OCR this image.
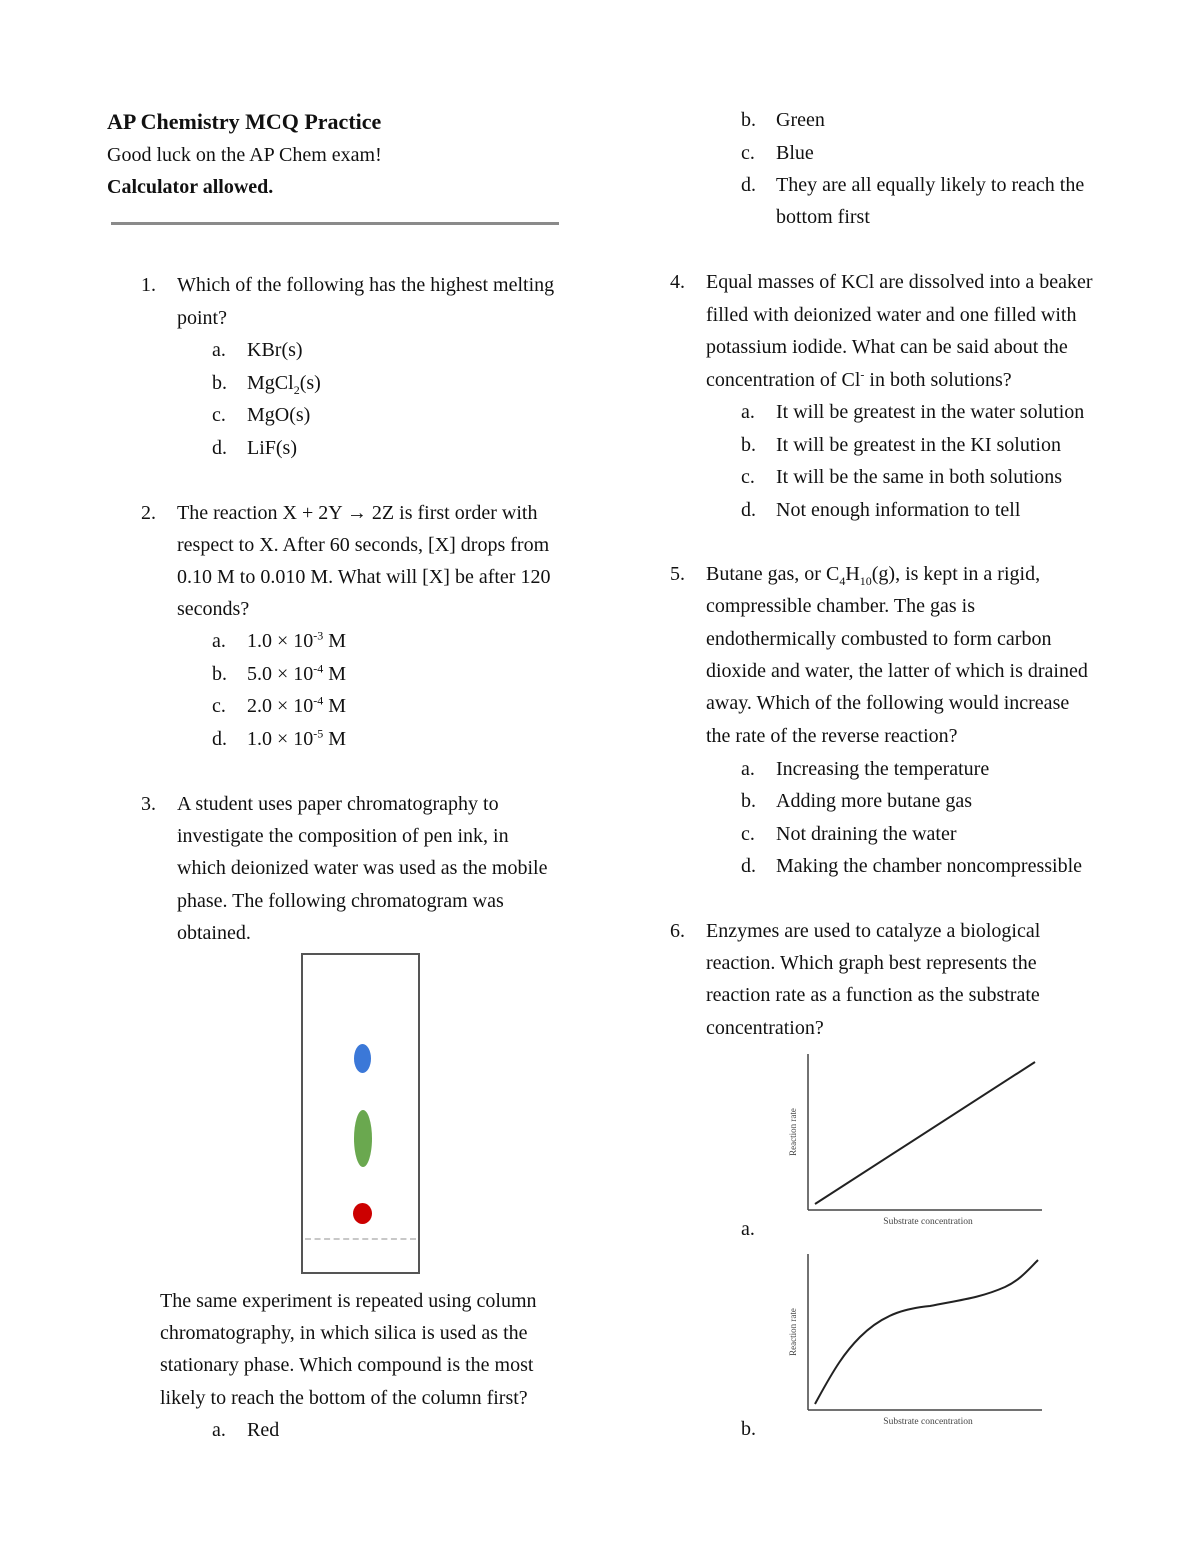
AP Chemistry MCQ Practice
Good luck on the AP Chem exam!
Calculator allowed.
1. Which of the following has the highest melting
point?
a. KBr(s)
b. MgCl$_2$(s)
c. MgO(s)
d. LiF(s)
2. The reaction X + 2Y → 2Z is first order with
respect to X. After 60 seconds, [X] drops from
0.10 M to 0.010 M. What will [X] be after 120
seconds?
a. $1.0 \times 10^{-3}$ M
b. $5.0 \times 10^{-4}$ M
c. $2.0 \times 10^{-4}$ M
d. $1.0 \times 10^{-5}$ M
3. A student uses paper chromatography to
investigate the composition of pen ink, in
which deionized water was used as the mobile
phase. The following chromatogram was
obtained.
The same experiment is repeated using column
chromatography, in which silica is used as the
stationary phase. Which compound is the most
likely to reach the bottom of the column first?
a. Red
b. Green
c. Blue
d. They are all equally likely to reach the
bottom first
4. Equal masses of KCl are dissolved into a beaker
filled with deionized water and one filled with
potassium iodide. What can be said about the
concentration of Cl- in both solutions?
a. It will be greatest in the water solution
b. It will be greatest in the KI solution
c. It will be the same in both solutions
d. Not enough information to tell
5. Butane gas, or $C_4H_{10}(g)$, is kept in a rigid,
compressible chamber. The gas is
endothermically combusted to form carbon
dioxide and water, the latter of which is drained
away. Which of the following would increase
the rate of the reverse reaction?
a. Increasing the temperature
b. Adding more butane gas
c. Not draining the water
d. Making the chamber noncompressible
6. Enzymes are used to catalyze a biological
reaction. Which graph best represents the
reaction rate as a function as the substrate
concentration?
a.
Reaction rate
Substrate concentration
b.
Reaction rate
Substrate concentration
